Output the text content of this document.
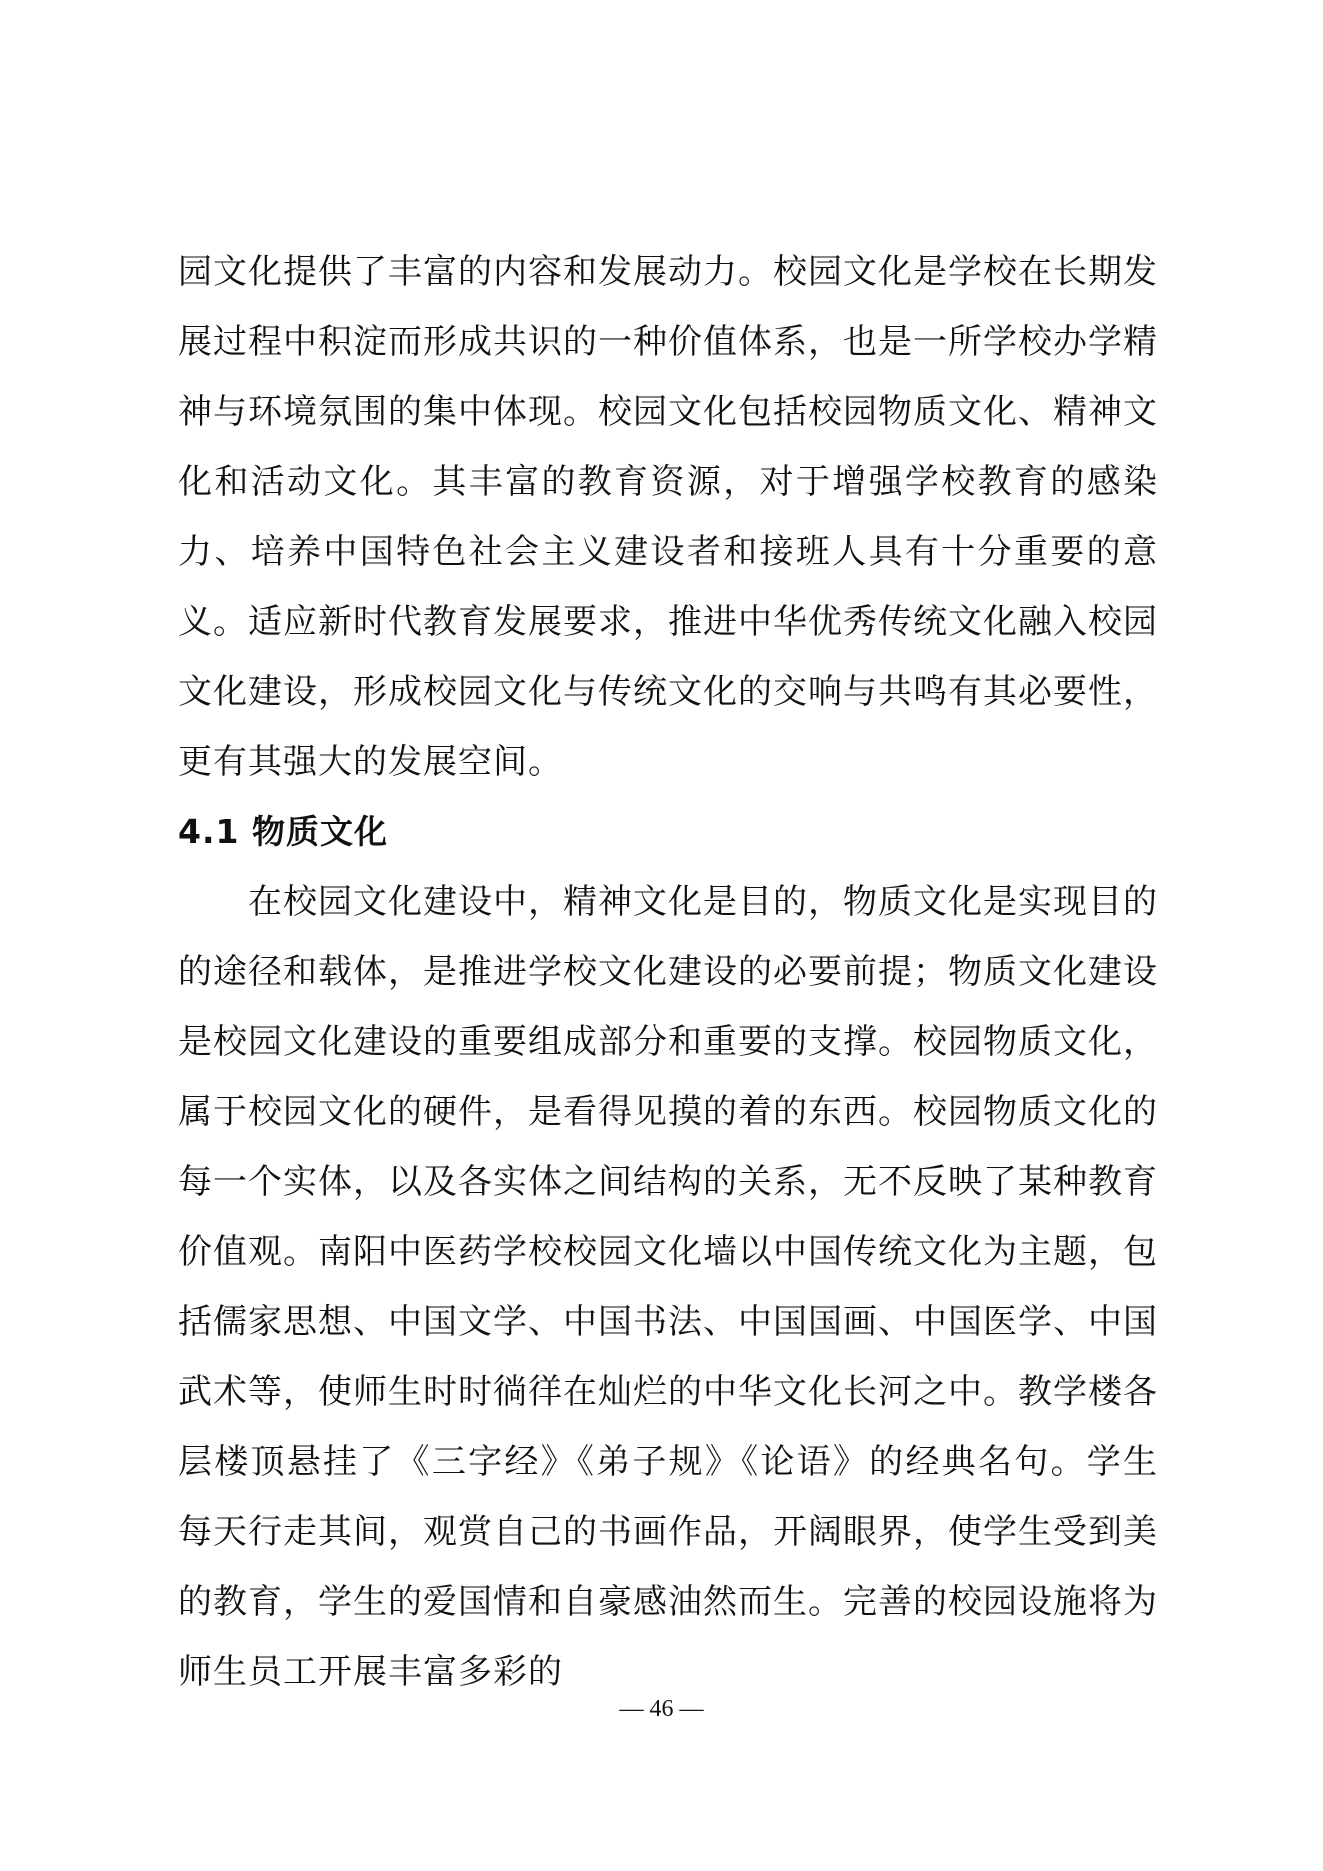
园文化提供了丰富的内容和发展动力。校园文化是学校在长期发展过程中积淀而形成共识的一种价值体系，也是一所学校办学精神与环境氛围的集中体现。校园文化包括校园物质文化、精神文化和活动文化。其丰富的教育资源，对于增强学校教育的感染力、培养中国特色社会主义建设者和接班人具有十分重要的意义。适应新时代教育发展要求，推进中华优秀传统文化融入校园文化建设，形成校园文化与传统文化的交响与共鸣有其必要性，更有其强大的发展空间。

4.1 物质文化

在校园文化建设中，精神文化是目的，物质文化是实现目的的途径和载体，是推进学校文化建设的必要前提；物质文化建设是校园文化建设的重要组成部分和重要的支撑。校园物质文化，属于校园文化的硬件，是看得见摸的着的东西。校园物质文化的每一个实体，以及各实体之间结构的关系，无不反映了某种教育价值观。南阳中医药学校校园文化墙以中国传统文化为主题，包括儒家思想、中国文学、中国书法、中国国画、中国医学、中国武术等，使师生时时徜徉在灿烂的中华文化长河之中。教学楼各层楼顶悬挂了《三字经》《弟子规》《论语》的经典名句。学生每天行走其间，观赏自己的书画作品，开阔眼界，使学生受到美的教育，学生的爱国情和自豪感油然而生。完善的校园设施将为师生员工开展丰富多彩的

— 46 —
